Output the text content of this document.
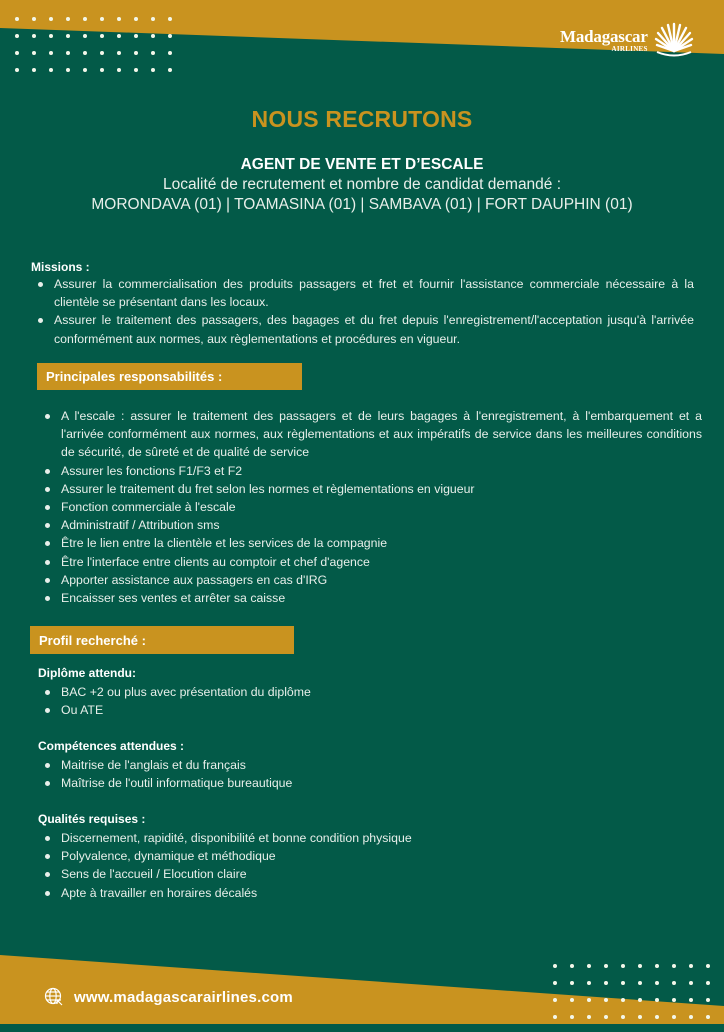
Madagascar
AIRLINES
NOUS RECRUTONS
AGENT DE VENTE ET D’ESCALE
Localité de recrutement et nombre de candidat demandé :
MORONDAVA (01) | TOAMASINA (01) | SAMBAVA (01) | FORT DAUPHIN (01)
Missions :
Assurer la commercialisation des produits passagers et fret et fournir l'assistance commerciale nécessaire à la clientèle se présentant dans les locaux.
Assurer le traitement des passagers, des bagages et du fret depuis l'enregistrement/l'acceptation jusqu'à l'arrivée conformément aux normes, aux règlementations et procédures en vigueur.
Principales responsabilités :
A l'escale : assurer le traitement des passagers et de leurs bagages à l'enregistrement, à l'embarquement et a l'arrivée conformément aux normes, aux règlementations et aux impératifs de service dans les meilleures conditions de sécurité, de sûreté et de qualité de service
Assurer les fonctions F1/F3 et F2
Assurer le traitement du fret selon les normes et règlementations en vigueur
Fonction commerciale à l'escale
Administratif / Attribution sms
Être le lien entre la clientèle et les services de la compagnie
Être l'interface entre clients au comptoir et chef d'agence
Apporter assistance aux passagers en cas d'IRG
Encaisser ses ventes et arrêter sa caisse
Profil recherché :
Diplôme attendu:
BAC +2 ou plus avec présentation du diplôme
Ou ATE
Compétences attendues :
Maitrise de l'anglais et du français
Maîtrise de l'outil informatique bureautique
Qualités requises :
Discernement, rapidité, disponibilité et bonne condition physique
Polyvalence, dynamique et méthodique
Sens de l'accueil / Elocution claire
Apte à travailler en horaires décalés
www.madagascarairlines.com
